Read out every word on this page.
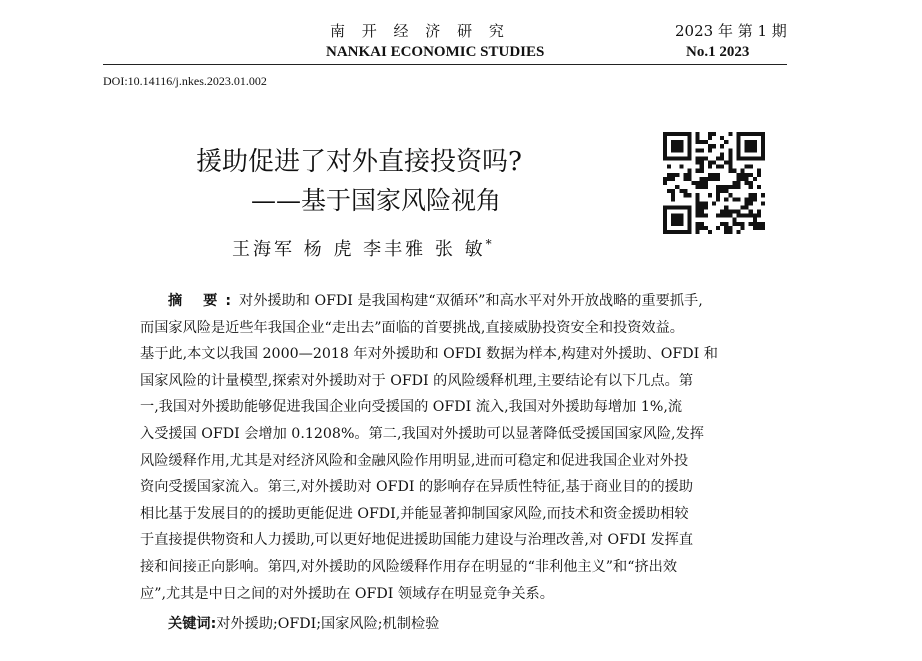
南 开 经 济 研 究
NANKAI ECONOMIC STUDIES
2023 年 第 1 期
No.1 2023
DOI:10.14116/j.nkes.2023.01.002
援助促进了对外直接投资吗?
——基于国家风险视角
王海军 杨 虎 李丰雅 张 敏*
摘 要:对外援助和 OFDI 是我国构建“双循环”和高水平对外开放战略的重要抓手,
而国家风险是近些年我国企业“走出去”面临的首要挑战,直接威胁投资安全和投资效益。
基于此,本文以我国 2000—2018 年对外援助和 OFDI 数据为样本,构建对外援助、OFDI 和
国家风险的计量模型,探索对外援助对于 OFDI 的风险缓释机理,主要结论有以下几点。第
一,我国对外援助能够促进我国企业向受援国的 OFDI 流入,我国对外援助每增加 1%,流
入受援国 OFDI 会增加 0.1208%。第二,我国对外援助可以显著降低受援国国家风险,发挥
风险缓释作用,尤其是对经济风险和金融风险作用明显,进而可稳定和促进我国企业对外投
资向受援国家流入。第三,对外援助对 OFDI 的影响存在异质性特征,基于商业目的的援助
相比基于发展目的的援助更能促进 OFDI,并能显著抑制国家风险,而技术和资金援助相较
于直接提供物资和人力援助,可以更好地促进援助国能力建设与治理改善,对 OFDI 发挥直
接和间接正向影响。第四,对外援助的风险缓释作用存在明显的“非利他主义”和“挤出效
应”,尤其是中日之间的对外援助在 OFDI 领域存在明显竞争关系。
关键词:对外援助;OFDI;国家风险;机制检验
